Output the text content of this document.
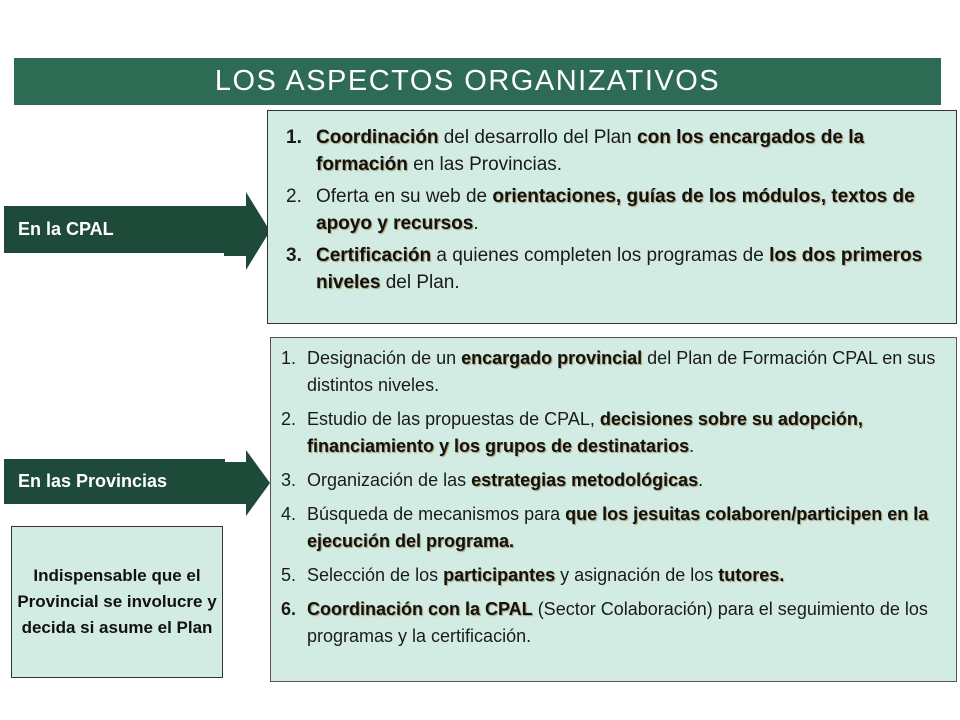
LOS ASPECTOS ORGANIZATIVOS
En la CPAL
1. Coordinación del desarrollo del Plan con los encargados de la formación en las Provincias.
2. Oferta en su web de orientaciones, guías de los módulos, textos de apoyo y recursos.
3. Certificación a quienes completen los programas de los dos primeros niveles del Plan.
En las Provincias
1. Designación de un encargado provincial del Plan de Formación CPAL en sus distintos niveles.
2. Estudio de las propuestas de CPAL, decisiones sobre su adopción, financiamiento y los grupos de destinatarios.
3. Organización de las estrategias metodológicas.
4. Búsqueda de mecanismos para que los jesuitas colaboren/participen en la ejecución del programa.
5. Selección de los participantes y asignación de los tutores.
6. Coordinación con la CPAL (Sector Colaboración) para el seguimiento de los programas y la certificación.
Indispensable que el Provincial se involucre y decida si asume el Plan
